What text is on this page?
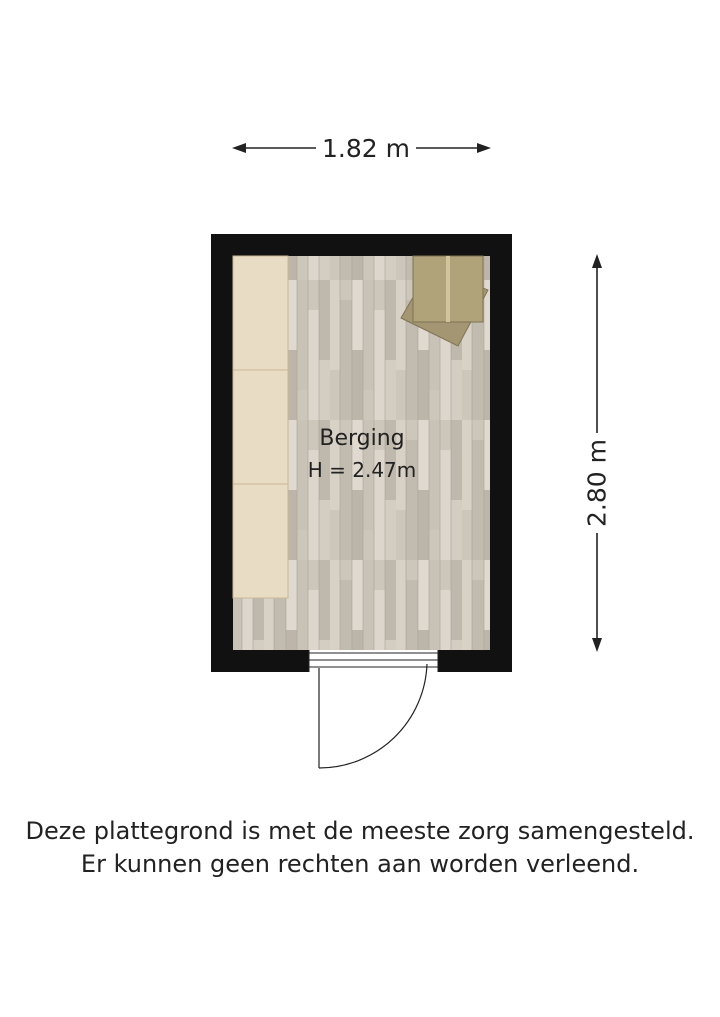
1.82 m
2.80 m
Berging
H = 2.47m
Deze plattegrond is met de meeste zorg samengesteld.
Er kunnen geen rechten aan worden verleend.
